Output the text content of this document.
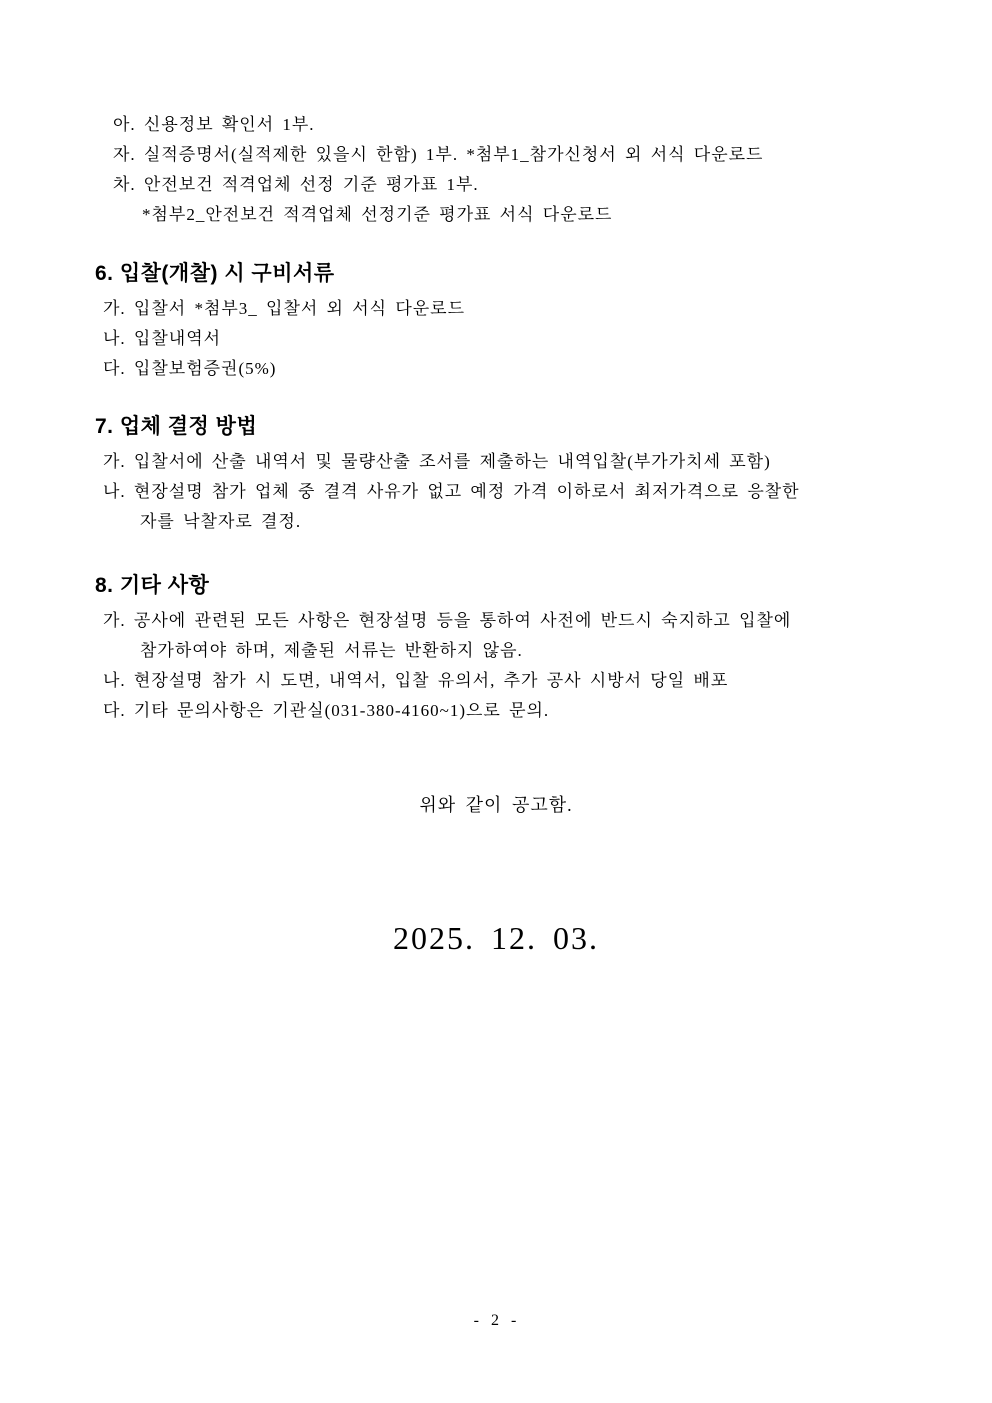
아. 신용정보 확인서 1부.
자. 실적증명서(실적제한 있을시 한함) 1부. *첨부1_참가신청서 외 서식 다운로드
차. 안전보건 적격업체 선정 기준 평가표 1부.
*첨부2_안전보건 적격업체 선정기준 평가표 서식 다운로드
6. 입찰(개찰) 시 구비서류
가. 입찰서 *첨부3_ 입찰서 외 서식 다운로드
나. 입찰내역서
다. 입찰보험증권(5%)
7. 업체 결정 방법
가. 입찰서에 산출 내역서 및 물량산출 조서를 제출하는 내역입찰(부가가치세 포함)
나. 현장설명 참가 업체 중 결격 사유가 없고 예정 가격 이하로서 최저가격으로 응찰한
자를 낙찰자로 결정.
8. 기타 사항
가. 공사에 관련된 모든 사항은 현장설명 등을 통하여 사전에 반드시 숙지하고 입찰에
참가하여야 하며, 제출된 서류는 반환하지 않음.
나. 현장설명 참가 시 도면, 내역서, 입찰 유의서, 추가 공사 시방서 당일 배포
다. 기타 문의사항은 기관실(031-380-4160~1)으로 문의.
위와 같이 공고함.
2025. 12. 03.
- 2 -
